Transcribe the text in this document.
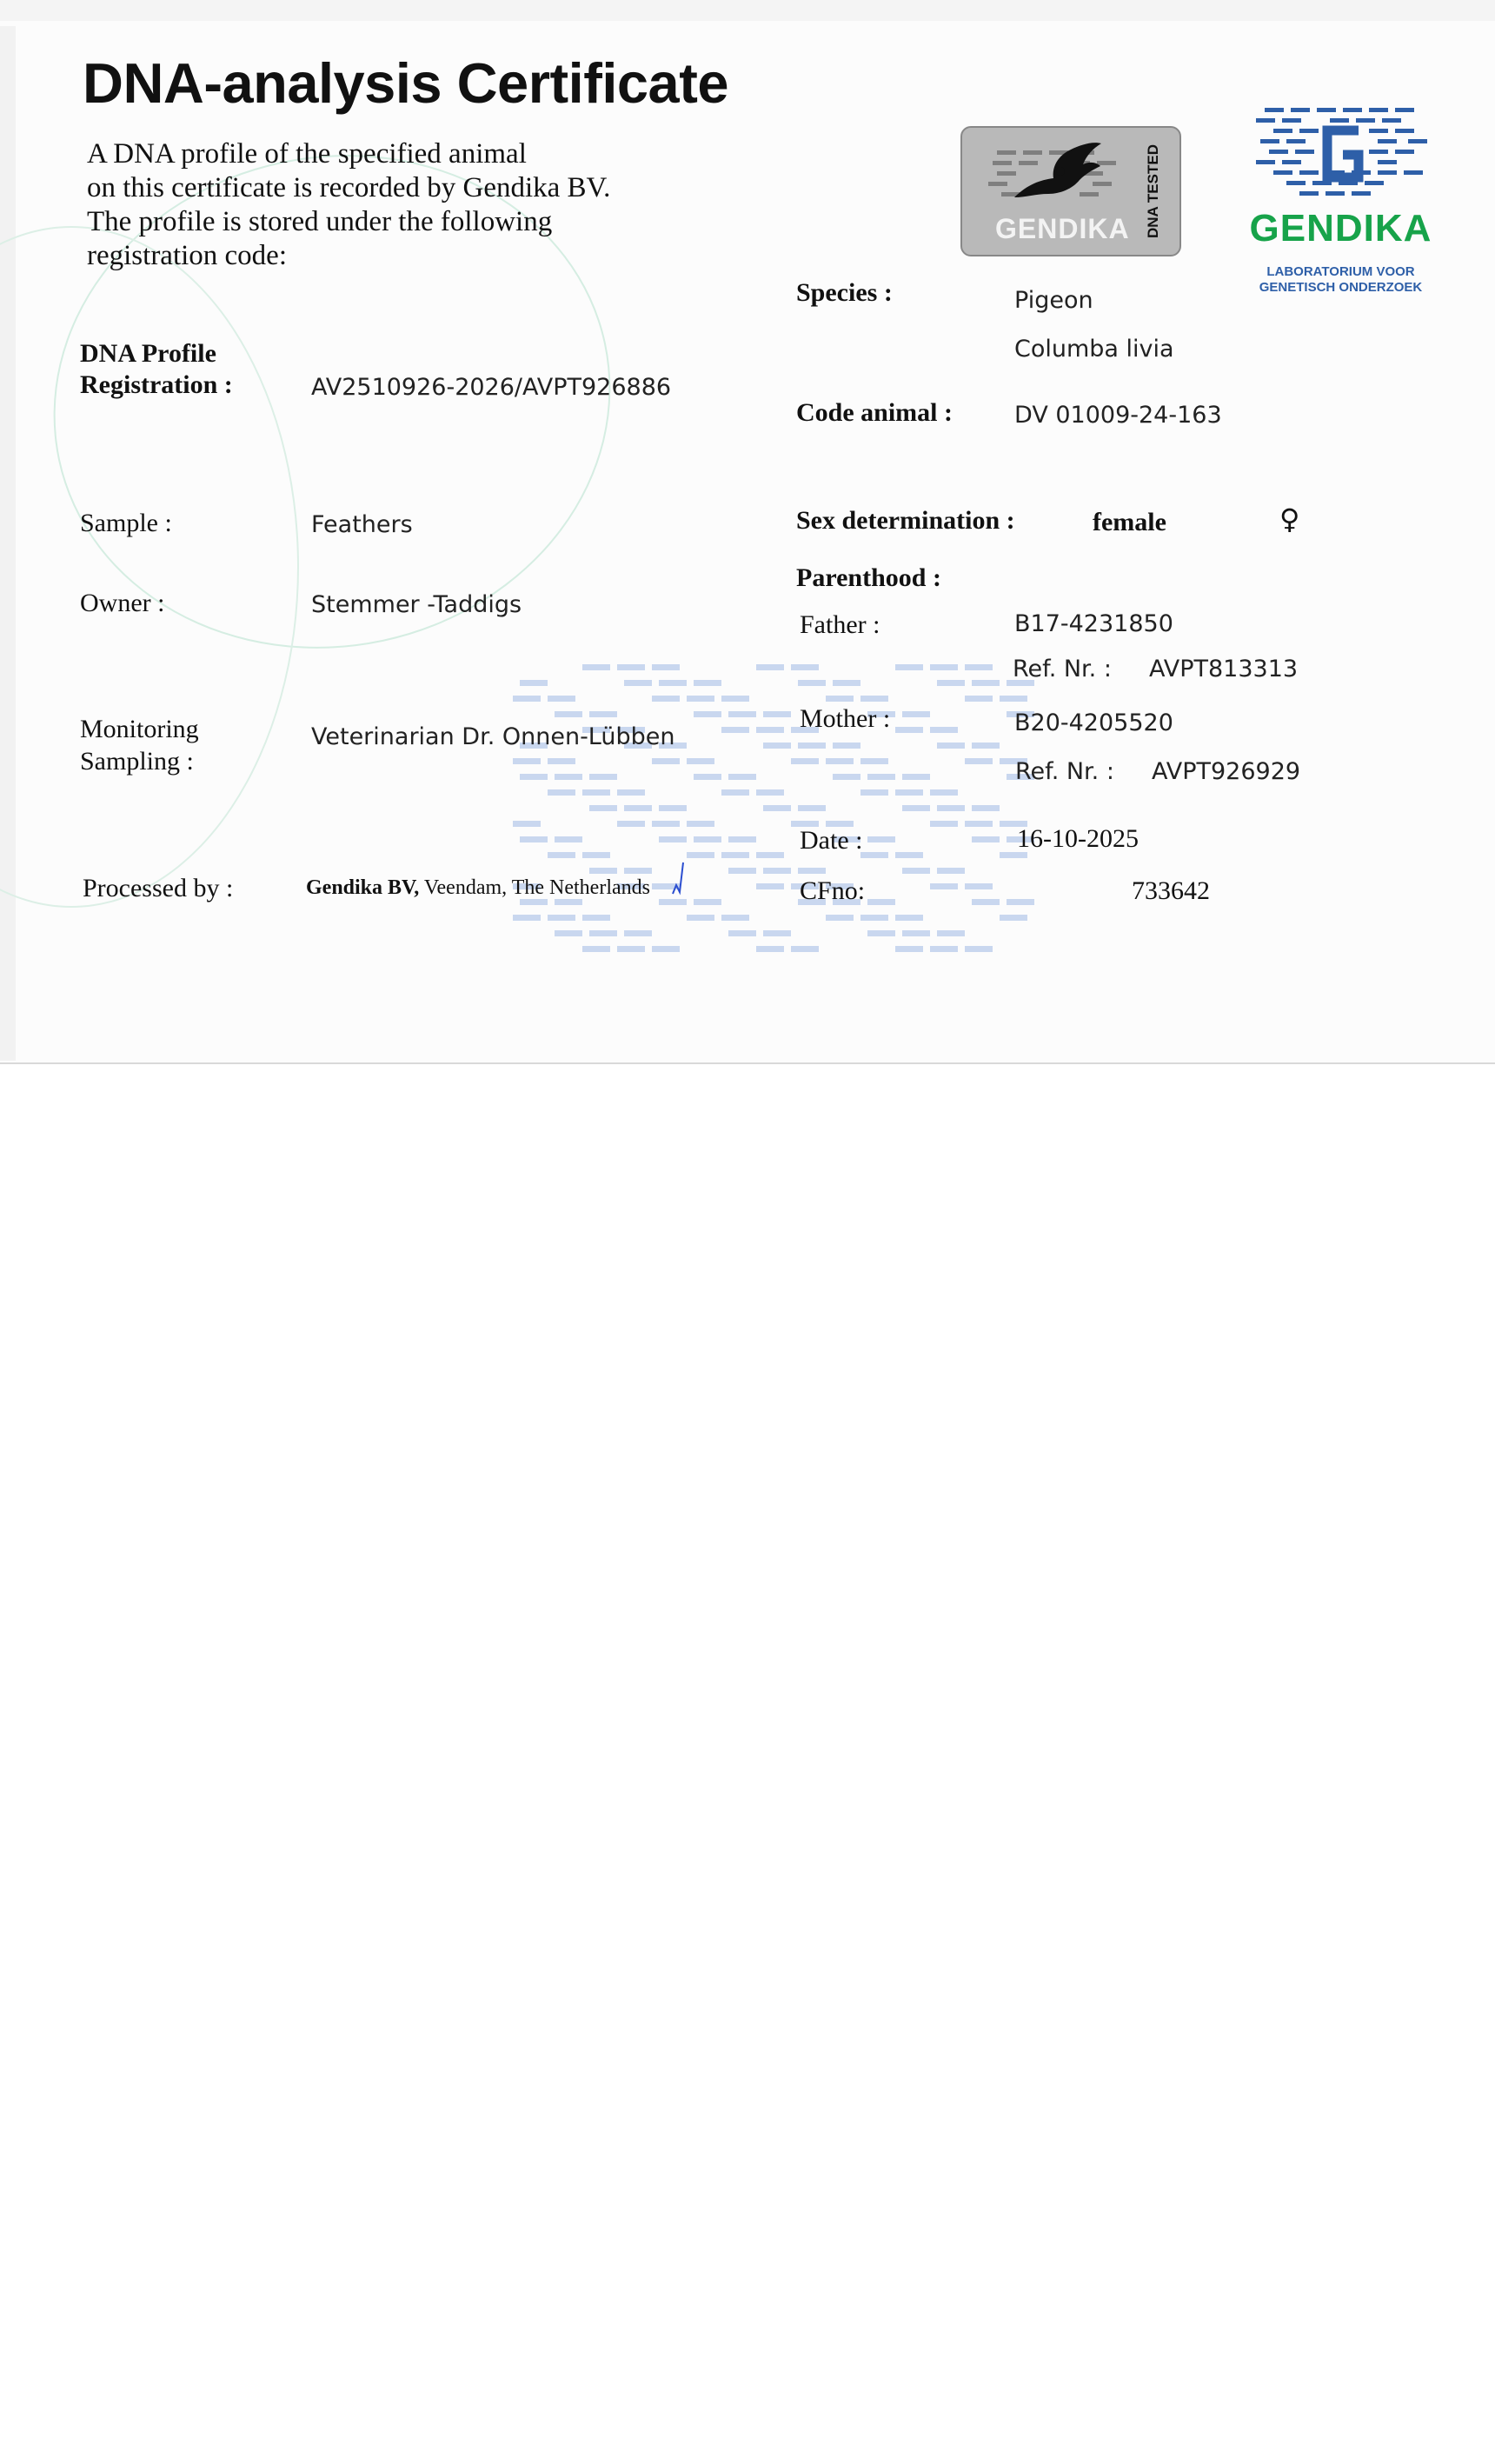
DNA-analysis Certificate
A DNA profile of the specified animal
on this certificate is recorded by Gendika BV.
The profile is stored under the following
registration code:
GENDIKA DNA TESTED GENDIKA
LABORATORIUM VOOR
GENETISCH ONDERZOEK
DNA Profile
Registration :	AV2510926-2026/AVPT926886
Sample :	Feathers
Owner :	Stemmer -Taddigs
Monitoring
Sampling :
Veterinarian Dr. Onnen-Lübben
Processed by :	Gendika BV, Veendam, The Netherlands
Species :	Pigeon
Columba livia
Code animal :	DV 01009-24-163
Sex determination :	female	♀
Parenthood :
Father :	B17-4231850
Ref. Nr. : AVPT813313
Mother :	B20-4205520
Ref. Nr. : AVPT926929
Date :	16-10-2025
CFno:	733642
